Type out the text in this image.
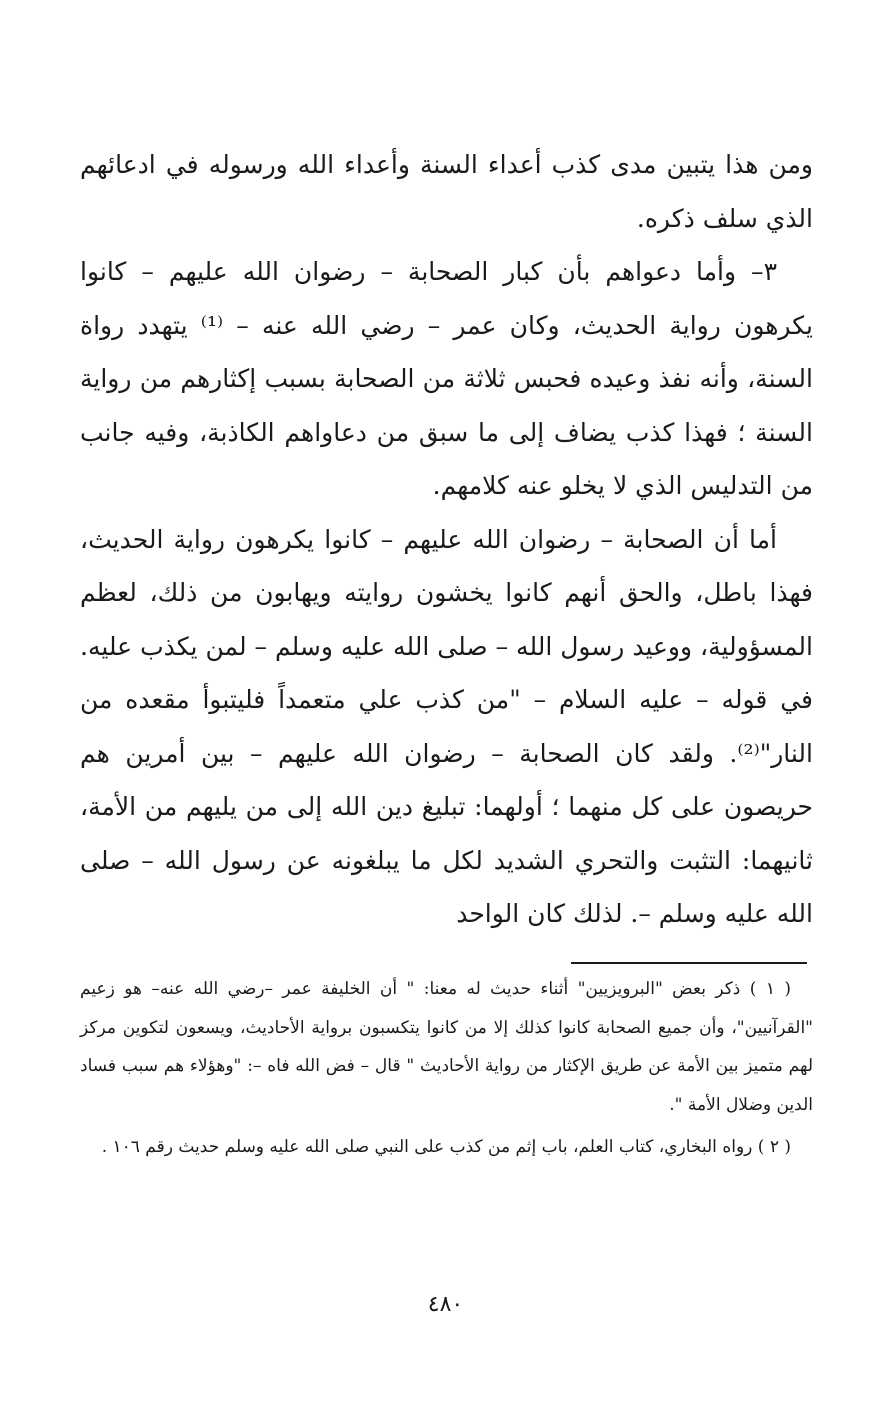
ومن هذا يتبين مدى كذب أعداء السنة وأعداء الله ورسوله في ادعائهم الذي سلف ذكره.

٣– وأما دعواهم بأن كبار الصحابة – رضوان الله عليهم – كانوا يكرهون رواية الحديث، وكان عمر – رضي الله عنه – ⁽¹⁾ يتهدد رواة السنة، وأنه نفذ وعيده فحبس ثلاثة من الصحابة بسبب إكثارهم من رواية السنة ؛ فهذا كذب يضاف إلى ما سبق من دعاواهم الكاذبة، وفيه جانب من التدليس الذي لا يخلو عنه كلامهم.

أما أن الصحابة – رضوان الله عليهم – كانوا يكرهون رواية الحديث، فهذا باطل، والحق أنهم كانوا يخشون روايته ويهابون من ذلك، لعظم المسؤولية، ووعيد رسول الله – صلى الله عليه وسلم – لمن يكذب عليه. في قوله – عليه السلام – "من كذب علي متعمداً فليتبوأ مقعده من النار"⁽²⁾. ولقد كان الصحابة – رضوان الله عليهم – بين أمرين هم حريصون على كل منهما ؛ أولهما: تبليغ دين الله إلى من يليهم من الأمة، ثانيهما: التثبت والتحري الشديد لكل ما يبلغونه عن رسول الله – صلى الله عليه وسلم –. لذلك كان الواحد

( ١ ) ذكر بعض "البرويزيين" أثناء حديث له معنا: " أن الخليفة عمر –رضي الله عنه– هو زعيم "القرآنيين"، وأن جميع الصحابة كانوا كذلك إلا من كانوا يتكسبون برواية الأحاديث، ويسعون لتكوين مركز لهم متميز بين الأمة عن طريق الإكثار من رواية الأحاديث " قال – فض الله فاه –: "وهؤلاء هم سبب فساد الدين وضلال الأمة ".

( ٢ ) رواه البخاري، كتاب العلم، باب إثم من كذب على النبي صلى الله عليه وسلم حديث رقم ١٠٦ .

٤٨٠
